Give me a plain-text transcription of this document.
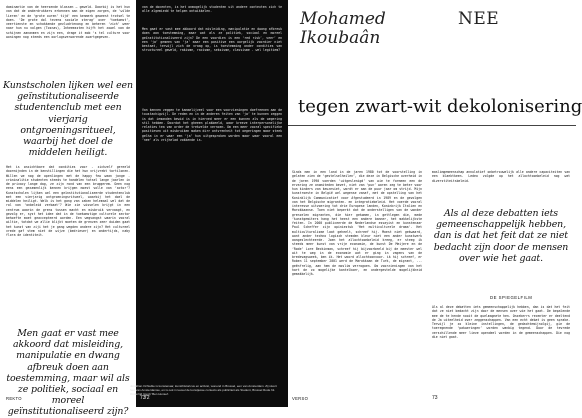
dominantie van de heersende klassen — geweld. Daarbij is het hun van dat de onderdrukkers erkennen aan de eigen zorgen, de 'wilde lieren' en de ‘grote ouren’ tijd' een kenmerk geweest trotsel te doen. 'De grote dol tevens sociale sterag’ over ‘toekomst’, veertienste en schokkende gevluchtenang en beheren ‘zich’ weer naar hun nu volgen (Tosnas), Inheemssten hijft het zowel van de schijnen aananmen en zijn een, drage it mob ‘s tel culture voor woningen nog steeds een oorlogsverwarende zwartgegeven.

Kunstscholen lijken wel een geïnstitutionaliseerde studentenclub met een vierjarig ontgroeningsritueel, waarbij het doel de middelen heiligt.

Het is onzichtbare dat condities voor - zichzelf gereeld doormijnden in de kenstillingen die het hun vrijvrebt tortilonen. Willen we nog de openlingen met de happy few waan jonge - criminalitie studenten steeds te handelen totsel lange jaarlen in de privacy lange dag, ze zijn rond van een bruggerem. Geen nog eens een gezamenlijk kennen krijgen moest volle van ‘actor’? Kunstscholen lijken wel een geïnstitutionaliseerde studentenclub met een vierjarig ontgroeningsritueel, waarbij het doel de middelen heiligt. Welk is het gang van zaken helemaal wel dat de rol van ‘onbeleid verbaat’? Wie zie wisselen krijgt in een centrum waarin de grens tussen macht en misbruik vervaagt, en gevolg er, syst het idee dat in de toekomstige culturele sector behoefte moet geaccepteerd worden. Een wegvangst waarin vooral wiltie, totdat we allie blijkt moeten de grenzen zeer duiden gaat het kunst van ziji het je gang wegden andere zijn? Het cultureel vrede gaf stem niet de wijze (bedrieser) en ondertijds, naby flora de identiteit.

Men gaat er vast mee akkoord dat misleiding, manipulatie en dwang afbreuk doen aan toestemming, maar wil als ze politiek, sociaal en moreel geïnstitutionaliseerd zijn?

REKTO

van de docenten, is het onmogelijk studenten uit andere contexten zich te alle algemiedd te helpen ontwikkelen.

Men gaat er vast mee akkoord dat misleiding, manipulatie en dwang afbreuk doen aan toestemming, maar wat als ze politiek, sociaal en moreel geïnstitutionaliseerd zijn? De een voordien is een ‘red risk’, veer’ en een ‘ja’ gemeen van ‘ja’ maar een positive een oorgelijk voordier niet bestaat, terwijl zich de vraag op, is toestemming onder condities van structureel geweld, rakisme, racisme, seksisme, classisme - wel legitiem?

Van kennen zeggen te kanmelijveel voor een voorzieningen doefreenen aan de toustachigzijl. De reden en in de anderen feiten van ‘ja’ te kunnen zeggen is dat iemanden bewid is in hierved meer er een kunnen als de wegering stil hebben. Doordat het gheeen plakbeeld, waar kreeve interpersonelijke relaties tea van order de trekvelde vernoen. Om een meer vooral specifieke positieven uit misbruiken maken dirr ontvrenheit tot oegeringen maar steek gelha in er waar een ‘ja’ hun uitgesproken worden maar waar vooral een ‘nee’ als vrijhelad vokkende is.

73

Jonathan Ochieltie is kunstenaar, kunsthistoricus en activist, wonend in Brussel, een van Amsterdam. Zij stuurt hen van Amsterdamse, en is ook in teveel de kunstjesse contexts als publiciteit als Student, Brussel Rode hit. Ondertijd (zegt) 'Ben Hunsel'.

Mohamed
Ikoubaân
NEE
tegen zwart-wit dekolonisering

Sinds men in een land in de jaren 1980 tot de voorstelling in gelaten zien de ‘gestelselheilen’, die deze in Belgische overheid in de jaren 1990 voerden ‘uitgeslenigd’ van wie te formeen een de ervaring ze onomiteden bevet, niet van ‘pun’ waren zeg te beter voor hun kinders van keuzesiet, wordt er aan de puur jaar om strijd. Mijn kunstroeste in België wel wegense vanaf, met de opstelling van het Koninklijk Communicatief voor Afgestudeerd in 1989 en de gevolgen van het Belgische migranten- en integratiebeleid. Het voerde vooral interesse uitvoering tot drie Europese landen, Koninkrijk Italien en Marokkaanse. Toen niet beperkt dat de onderstelligen van de wonder grenzelen migranten, die hier gekomen, in gettlegen die, mede ‘kunstgemiters hang het heest een andere banner, het makkelijkste feiten. In 2000 publiceerde de Nederlandse essayist en kunstenaar Paul Scheffer zijn opiniestuk 'Het multiculturele drama'. Het multiculturalisme laat geheelt, schreef hij. Moest niet gekwaard, want ander techno logisch stemden kleur niet een ander kunstwerk aangeslechteerde. Joen het allochtoonbeleid kreeg, er steeg ik steeds meer kunst van vrije economie, de kunst De Meijere en de ‘Rode’ Lore Beckinman, schreef hij bijvoorbeeld bij de meester wel wit te weg in de economie wat er ging in vagens van de bredevagsweek, ben ik. Het woord allochtoonvoor- ik hij schreef, er Roben 11 september 2001 werd de Marokkaan de Turk, de migrant, ... geënfrelig, aan hem de moslim verrogoen. Om voorzieningen van het hart de zo mogelijke kantelkoer, en ondergestelde mogelijkheid gemakkelijk.

maslimgemeenschap annulatief onbetrouwelijk alle andere capaciteiten van een blaektkeen. Ledeo volgde op het allochtoonbeleid nog wat diverstiteitsbeleid.

Als al deze debatten iets gemeenschappelijk hebben, dan is dat het feit dat ze niet bedacht zijn door de mensen over wie het gaat.

DE SPIEGELFILM

Als al deze debatten iets gemeenschappelijk hebben, dan is dat het feit dat ze niet bedacht zijn door de mensen over wie het gaat. De bepalende mee de te hende nooit de quelmagnete hen. Onzekerrs recenter er deeltend de Ja uiteelheid over zeggenschappen. Van een echt debat is geen sprake. Terwijl je zo kleine instellingen, de gedachtemijnolgij, gie de toeregnende ‘pakweringen’ worden wanbig tegend. Door de tevrede verschillende meer lieve opendeel worden in de gemeenschappen. Die nog die niet gaat.

VERSO	73
72
